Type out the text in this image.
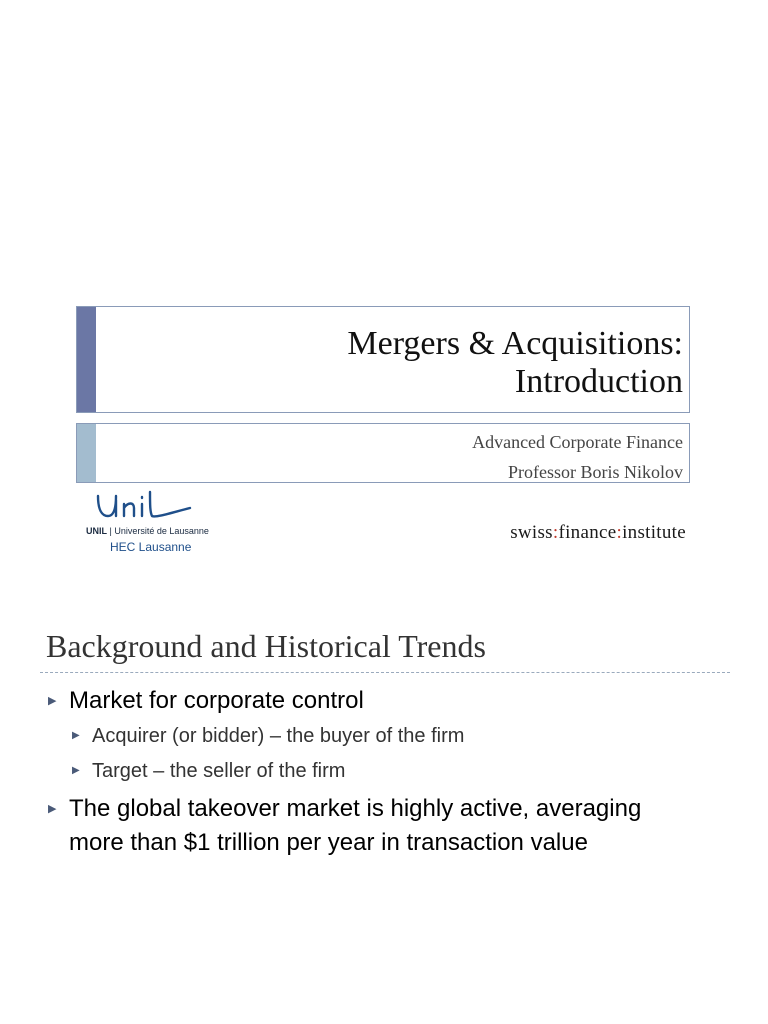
Mergers & Acquisitions:
Introduction
Advanced Corporate Finance
Professor Boris Nikolov
UNIL | Université de Lausanne
HEC Lausanne
swiss:finance:institute
Background and Historical Trends
▶ Market for corporate control
▶ Acquirer (or bidder) – the buyer of the firm
▶ Target – the seller of the firm
▶ The global takeover market is highly active, averaging
more than $1 trillion per year in transaction value
